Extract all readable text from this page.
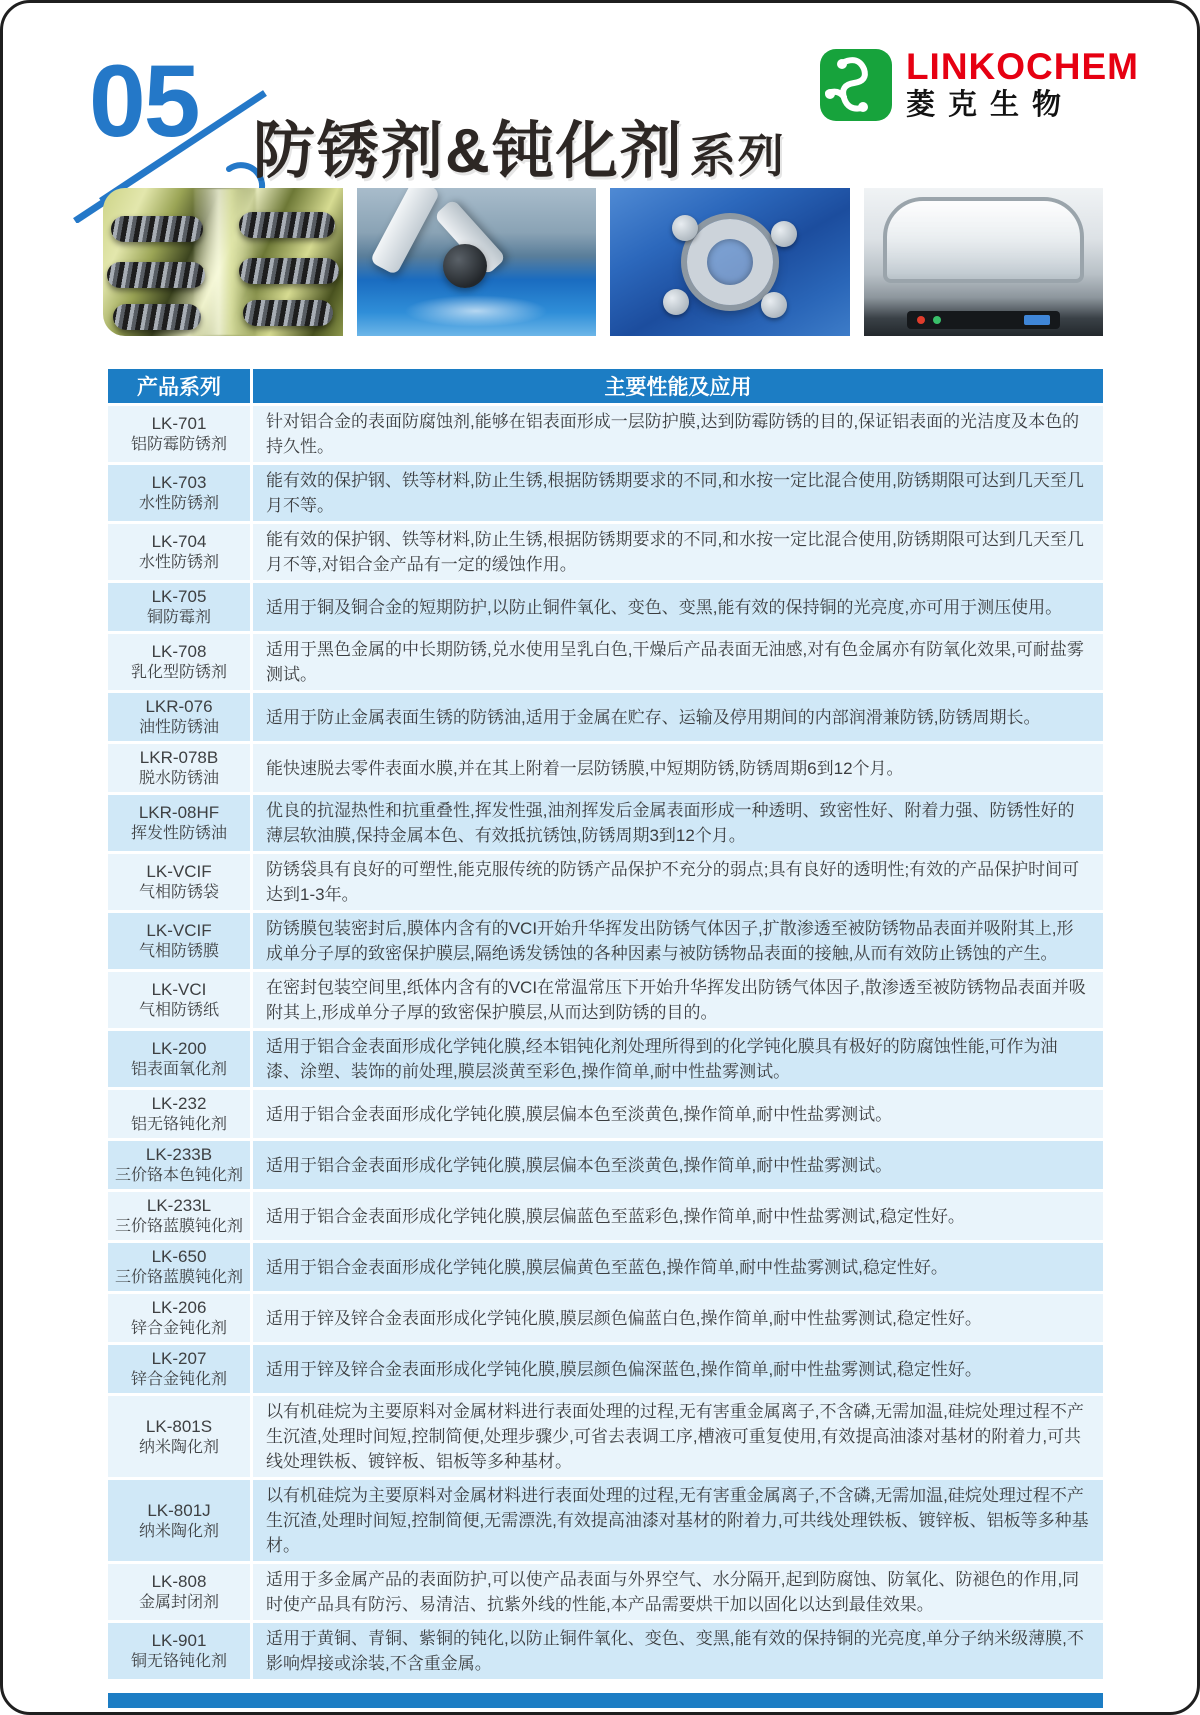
LINKOCHEM
菱克生物
05 防锈剂&钝化剂 系列
产品系列	主要性能及应用
LK-701
铝防霉防锈剂
针对铝合金的表面防腐蚀剂,能够在铝表面形成一层防护膜,达到防霉防锈的目的,保证铝表面的光洁度及本色的持久性。
LK-703
水性防锈剂
能有效的保护钢、铁等材料,防止生锈,根据防锈期要求的不同,和水按一定比混合使用,防锈期限可达到几天至几月不等。
LK-704
水性防锈剂
能有效的保护钢、铁等材料,防止生锈,根据防锈期要求的不同,和水按一定比混合使用,防锈期限可达到几天至几月不等,对铝合金产品有一定的缓蚀作用。
LK-705
铜防霉剂
适用于铜及铜合金的短期防护,以防止铜件氧化、变色、变黑,能有效的保持铜的光亮度,亦可用于测压使用。
LK-708
乳化型防锈剂
适用于黑色金属的中长期防锈,兑水使用呈乳白色,干燥后产品表面无油感,对有色金属亦有防氧化效果,可耐盐雾测试。
LKR-076
油性防锈油
适用于防止金属表面生锈的防锈油,适用于金属在贮存、运输及停用期间的内部润滑兼防锈,防锈周期长。
LKR-078B
脱水防锈油
能快速脱去零件表面水膜,并在其上附着一层防锈膜,中短期防锈,防锈周期6到12个月。
LKR-08HF
挥发性防锈油
优良的抗湿热性和抗重叠性,挥发性强,油剂挥发后金属表面形成一种透明、致密性好、附着力强、防锈性好的薄层软油膜,保持金属本色、有效抵抗锈蚀,防锈周期3到12个月。
LK-VCIF
气相防锈袋
防锈袋具有良好的可塑性,能克服传统的防锈产品保护不充分的弱点;具有良好的透明性;有效的产品保护时间可达到1-3年。
LK-VCIF
气相防锈膜
防锈膜包装密封后,膜体内含有的VCI开始升华挥发出防锈气体因子,扩散渗透至被防锈物品表面并吸附其上,形成单分子厚的致密保护膜层,隔绝诱发锈蚀的各种因素与被防锈物品表面的接触,从而有效防止锈蚀的产生。
LK-VCI
气相防锈纸
在密封包装空间里,纸体内含有的VCI在常温常压下开始升华挥发出防锈气体因子,散渗透至被防锈物品表面并吸附其上,形成单分子厚的致密保护膜层,从而达到防锈的目的。
LK-200
铝表面氧化剂
适用于铝合金表面形成化学钝化膜,经本铝钝化剂处理所得到的化学钝化膜具有极好的防腐蚀性能,可作为油漆、涂塑、装饰的前处理,膜层淡黄至彩色,操作简单,耐中性盐雾测试。
LK-232
铝无铬钝化剂
适用于铝合金表面形成化学钝化膜,膜层偏本色至淡黄色,操作简单,耐中性盐雾测试。
LK-233B
三价铬本色钝化剂
适用于铝合金表面形成化学钝化膜,膜层偏本色至淡黄色,操作简单,耐中性盐雾测试。
LK-233L
三价铬蓝膜钝化剂
适用于铝合金表面形成化学钝化膜,膜层偏蓝色至蓝彩色,操作简单,耐中性盐雾测试,稳定性好。
LK-650
三价铬蓝膜钝化剂
适用于铝合金表面形成化学钝化膜,膜层偏黄色至蓝色,操作简单,耐中性盐雾测试,稳定性好。
LK-206
锌合金钝化剂
适用于锌及锌合金表面形成化学钝化膜,膜层颜色偏蓝白色,操作简单,耐中性盐雾测试,稳定性好。
LK-207
锌合金钝化剂
适用于锌及锌合金表面形成化学钝化膜,膜层颜色偏深蓝色,操作简单,耐中性盐雾测试,稳定性好。
LK-801S
纳米陶化剂
以有机硅烷为主要原料对金属材料进行表面处理的过程,无有害重金属离子,不含磷,无需加温,硅烷处理过程不产生沉渣,处理时间短,控制简便,处理步骤少,可省去表调工序,槽液可重复使用,有效提高油漆对基材的附着力,可共线处理铁板、镀锌板、铝板等多种基材。
LK-801J
纳米陶化剂
以有机硅烷为主要原料对金属材料进行表面处理的过程,无有害重金属离子,不含磷,无需加温,硅烷处理过程不产生沉渣,处理时间短,控制简便,无需漂洗,有效提高油漆对基材的附着力,可共线处理铁板、镀锌板、铝板等多种基材。
LK-808
金属封闭剂
适用于多金属产品的表面防护,可以使产品表面与外界空气、水分隔开,起到防腐蚀、防氧化、防褪色的作用,同时使产品具有防污、易清洁、抗紫外线的性能,本产品需要烘干加以固化以达到最佳效果。
LK-901
铜无铬钝化剂
适用于黄铜、青铜、紫铜的钝化,以防止铜件氧化、变色、变黑,能有效的保持铜的光亮度,单分子纳米级薄膜,不影响焊接或涂装,不含重金属。
